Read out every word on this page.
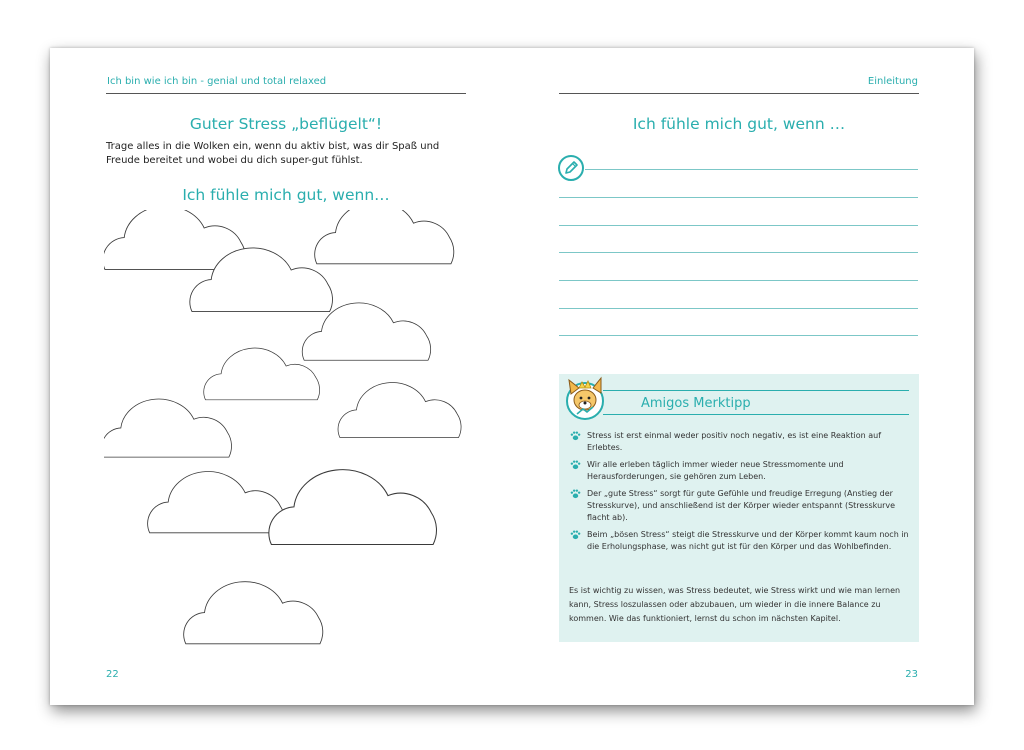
Ich bin wie ich bin - genial und total relaxed
Guter Stress „beflügelt“!
Trage alles in die Wolken ein, wenn du aktiv bist, was dir Spaß und Freude bereitet und wobei du dich super-gut fühlst.
Ich fühle mich gut, wenn…
22
Einleitung
Ich fühle mich gut, wenn …
Amigos Merktipp
Stress ist erst einmal weder positiv noch negativ, es ist eine Reaktion auf Erlebtes.
Wir alle erleben täglich immer wieder neue Stressmomente und Herausforderungen, sie gehören zum Leben.
Der „gute Stress“ sorgt für gute Gefühle und freudige Erregung (Anstieg der Stresskurve), und anschließend ist der Körper wieder entspannt (Stresskurve flacht ab).
Beim „bösen Stress“ steigt die Stresskurve und der Körper kommt kaum noch in die Erholungsphase, was nicht gut ist für den Körper und das Wohlbefinden.
Es ist wichtig zu wissen, was Stress bedeutet, wie Stress wirkt und wie man lernen kann, Stress loszulassen oder abzubauen, um wieder in die innere Balance zu kommen. Wie das funktioniert, lernst du schon im nächsten Kapitel.
23
